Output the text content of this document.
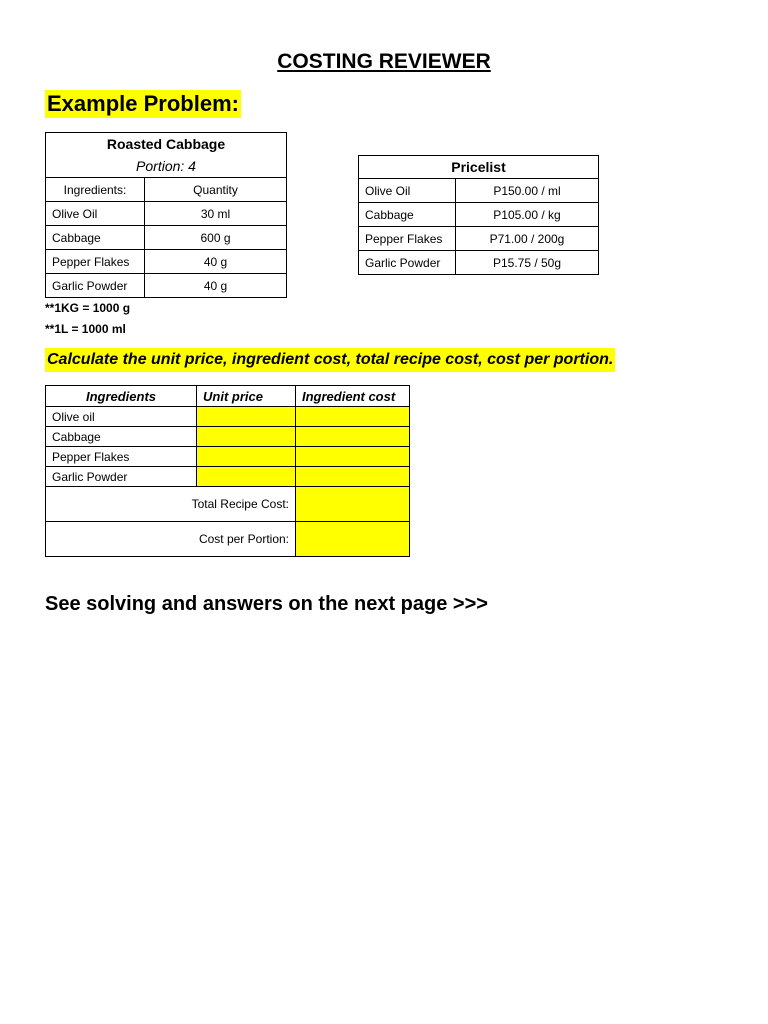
COSTING REVIEWER
Example Problem:
Roasted Cabbage	
Portion: 4	
Ingredients:	Quantity
Olive Oil	30 ml
Cabbage	600 g
Pepper Flakes	40 g
Garlic Powder	40 g
**1KG = 1000 g
**1L = 1000 ml
Pricelist	
Olive Oil	P150.00 / ml
Cabbage	P105.00 / kg
Pepper Flakes	P71.00 / 200g
Garlic Powder	P15.75 / 50g
Calculate the unit price, ingredient cost, total recipe cost, cost per portion.
Ingredients	Unit price	Ingredient cost
Olive oil		
Cabbage		
Pepper Flakes		
Garlic Powder		
Total Recipe Cost:		
Cost per Portion:		
See solving and answers on the next page >>>
